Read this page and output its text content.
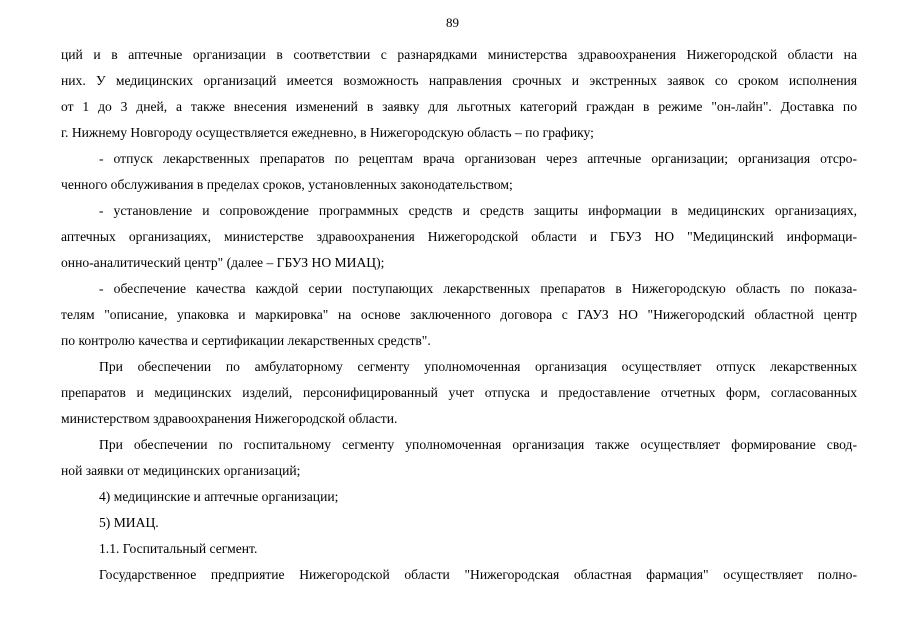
89
ций и в аптечные организации в соответствии с разнарядками министерства здравоохранения Нижегородской области на
них. У медицинских организаций имеется возможность направления срочных и экстренных заявок со сроком исполнения
от 1 до 3 дней, а также внесения изменений в заявку для льготных категорий граждан в режиме "он-лайн". Доставка по
г. Нижнему Новгороду осуществляется ежедневно, в Нижегородскую область – по графику;
- отпуск лекарственных препаратов по рецептам врача организован через аптечные организации; организация отсро-
ченного обслуживания в пределах сроков, установленных законодательством;
- установление и сопровождение программных средств и средств защиты информации в медицинских организациях,
аптечных организациях, министерстве здравоохранения Нижегородской области и ГБУЗ НО "Медицинский информаци-
онно-аналитический центр" (далее – ГБУЗ НО МИАЦ);
- обеспечение качества каждой серии поступающих лекарственных препаратов в Нижегородскую область по показа-
телям "описание, упаковка и маркировка" на основе заключенного договора с ГАУЗ НО "Нижегородский областной центр
по контролю качества и сертификации лекарственных средств".
При обеспечении по амбулаторному сегменту уполномоченная организация осуществляет отпуск лекарственных
препаратов и медицинских изделий, персонифицированный учет отпуска и предоставление отчетных форм, согласованных
министерством здравоохранения Нижегородской области.
При обеспечении по госпитальному сегменту уполномоченная организация также осуществляет формирование свод-
ной заявки от медицинских организаций;
4) медицинские и аптечные организации;
5) МИАЦ.
1.1. Госпитальный сегмент.
Государственное предприятие Нижегородской области "Нижегородская областная фармация" осуществляет полно-
